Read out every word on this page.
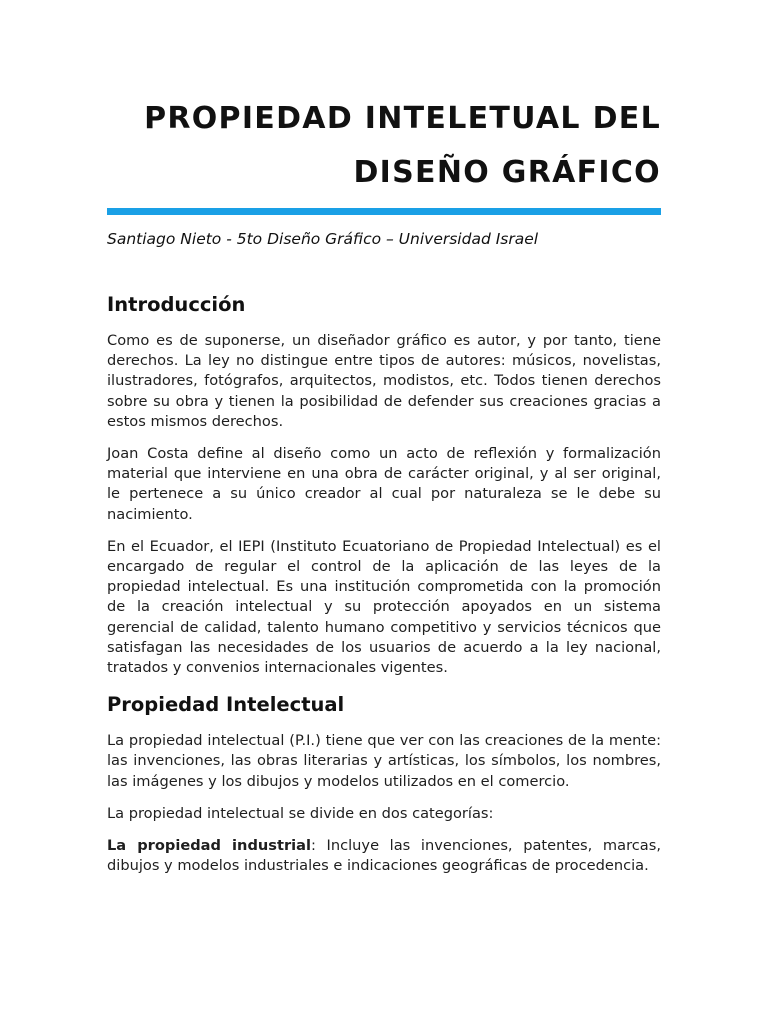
PROPIEDAD INTELETUAL DEL
DISEÑO GRÁFICO
Santiago Nieto - 5to Diseño Gráfico – Universidad Israel
Introducción

Como es de suponerse, un diseñador gráfico es autor, y por tanto, tiene derechos. La ley no distingue entre tipos de autores: músicos, novelistas, ilustradores, fotógrafos, arquitectos, modistos, etc. Todos tienen derechos sobre su obra y tienen la posibilidad de defender sus creaciones gracias a estos mismos derechos.

Joan Costa define al diseño como un acto de reflexión y formalización material que interviene en una obra de carácter original, y al ser original, le pertenece a su único creador al cual por naturaleza se le debe su nacimiento.

En el Ecuador, el IEPI (Instituto Ecuatoriano de Propiedad Intelectual) es el encargado de regular el control de la aplicación de las leyes de la propiedad intelectual. Es una institución comprometida con la promoción de la creación intelectual y su protección apoyados en un sistema gerencial de calidad, talento humano competitivo y servicios técnicos que satisfagan las necesidades de los usuarios de acuerdo a la ley nacional, tratados y convenios internacionales vigentes.

Propiedad Intelectual

La propiedad intelectual (P.I.) tiene que ver con las creaciones de la mente: las invenciones, las obras literarias y artísticas, los símbolos, los nombres, las imágenes y los dibujos y modelos utilizados en el comercio.

La propiedad intelectual se divide en dos categorías:

La propiedad industrial: Incluye las invenciones, patentes, marcas, dibujos y modelos industriales e indicaciones geográficas de procedencia.
